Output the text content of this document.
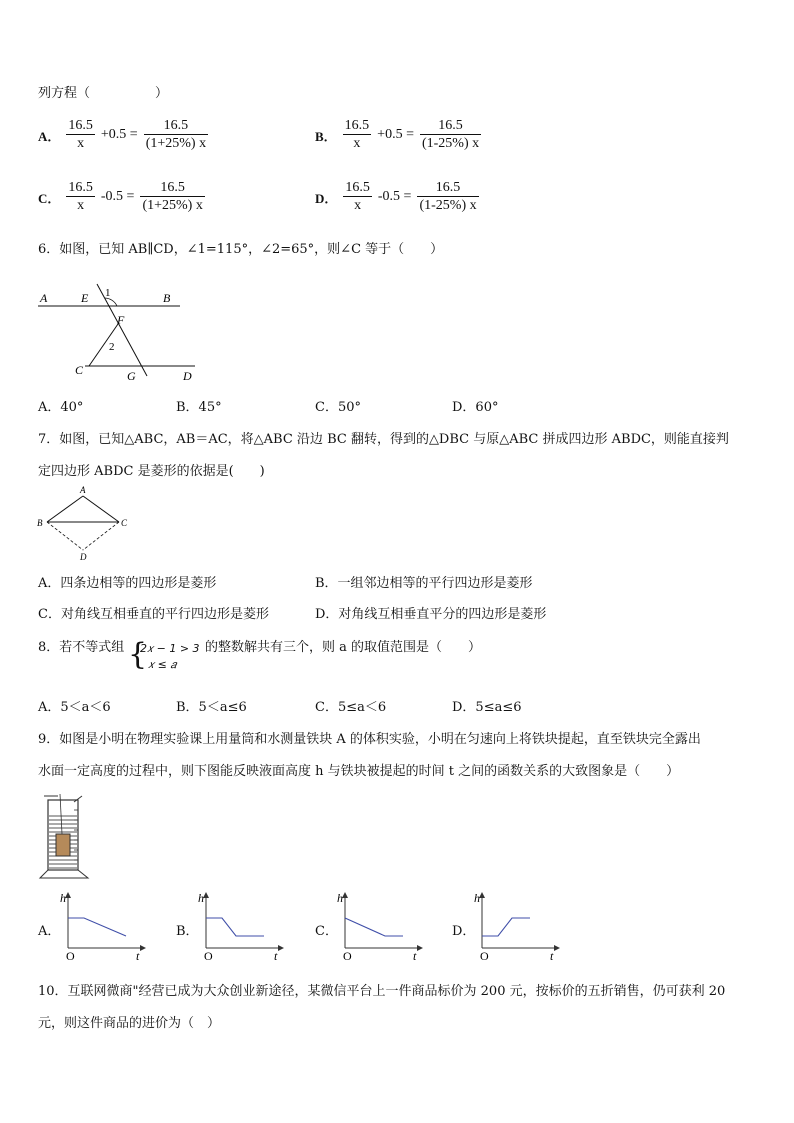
列方程（　　　　　）
A． $\frac{16.5}{x} +0.5 = \frac{16.5}{(1+25\%) x}$	B． $\frac{16.5}{x} +0.5 = \frac{16.5}{(1-25\%) x}$
C． $\frac{16.5}{x} -0.5 = \frac{16.5}{(1+25\%) x}$	D． $\frac{16.5}{x} -0.5 = \frac{16.5}{(1-25\%) x}$
6．如图，已知 AB∥CD，∠1=115°，∠2=65°，则∠C 等于（　　）
A	E 1	B
F
2
C	G	D
A．40°	B．45°	C．50°	D．60°
7．如图，已知△ABC，AB＝AC，将△ABC 沿边 BC 翻转，得到的△DBC 与原△ABC 拼成四边形 ABDC，则能直接判
定四边形 ABDC 是菱形的依据是(　　)
A
B	C
D
A．四条边相等的四边形是菱形	B．一组邻边相等的平行四边形是菱形
C．对角线互相垂直的平行四边形是菱形	D．对角线互相垂直平分的四边形是菱形
8．若不等式组 {
2𝑥 − 1 > 3
𝑥 ≤ 𝑎
的整数解共有三个，则 a 的取值范围是（　　）
A．5＜a＜6	B．5＜a≤6	C．5≤a＜6	D．5≤a≤6
9．如图是小明在物理实验课上用量筒和水测量铁块 A 的体积实验，小明在匀速向上将铁块提起，直至铁块完全露出
水面一定高度的过程中，则下图能反映液面高度 h 与铁块被提起的时间 t 之间的函数关系的大致图象是（　　）
A．
h
O	t
B．
h
O	t
C．
h
O	t
D．
h
O	t
10．互联网微商"经营已成为大众创业新途径，某微信平台上一件商品标价为 200 元，按标价的五折销售，仍可获利 20
元，则这件商品的进价为（　）
